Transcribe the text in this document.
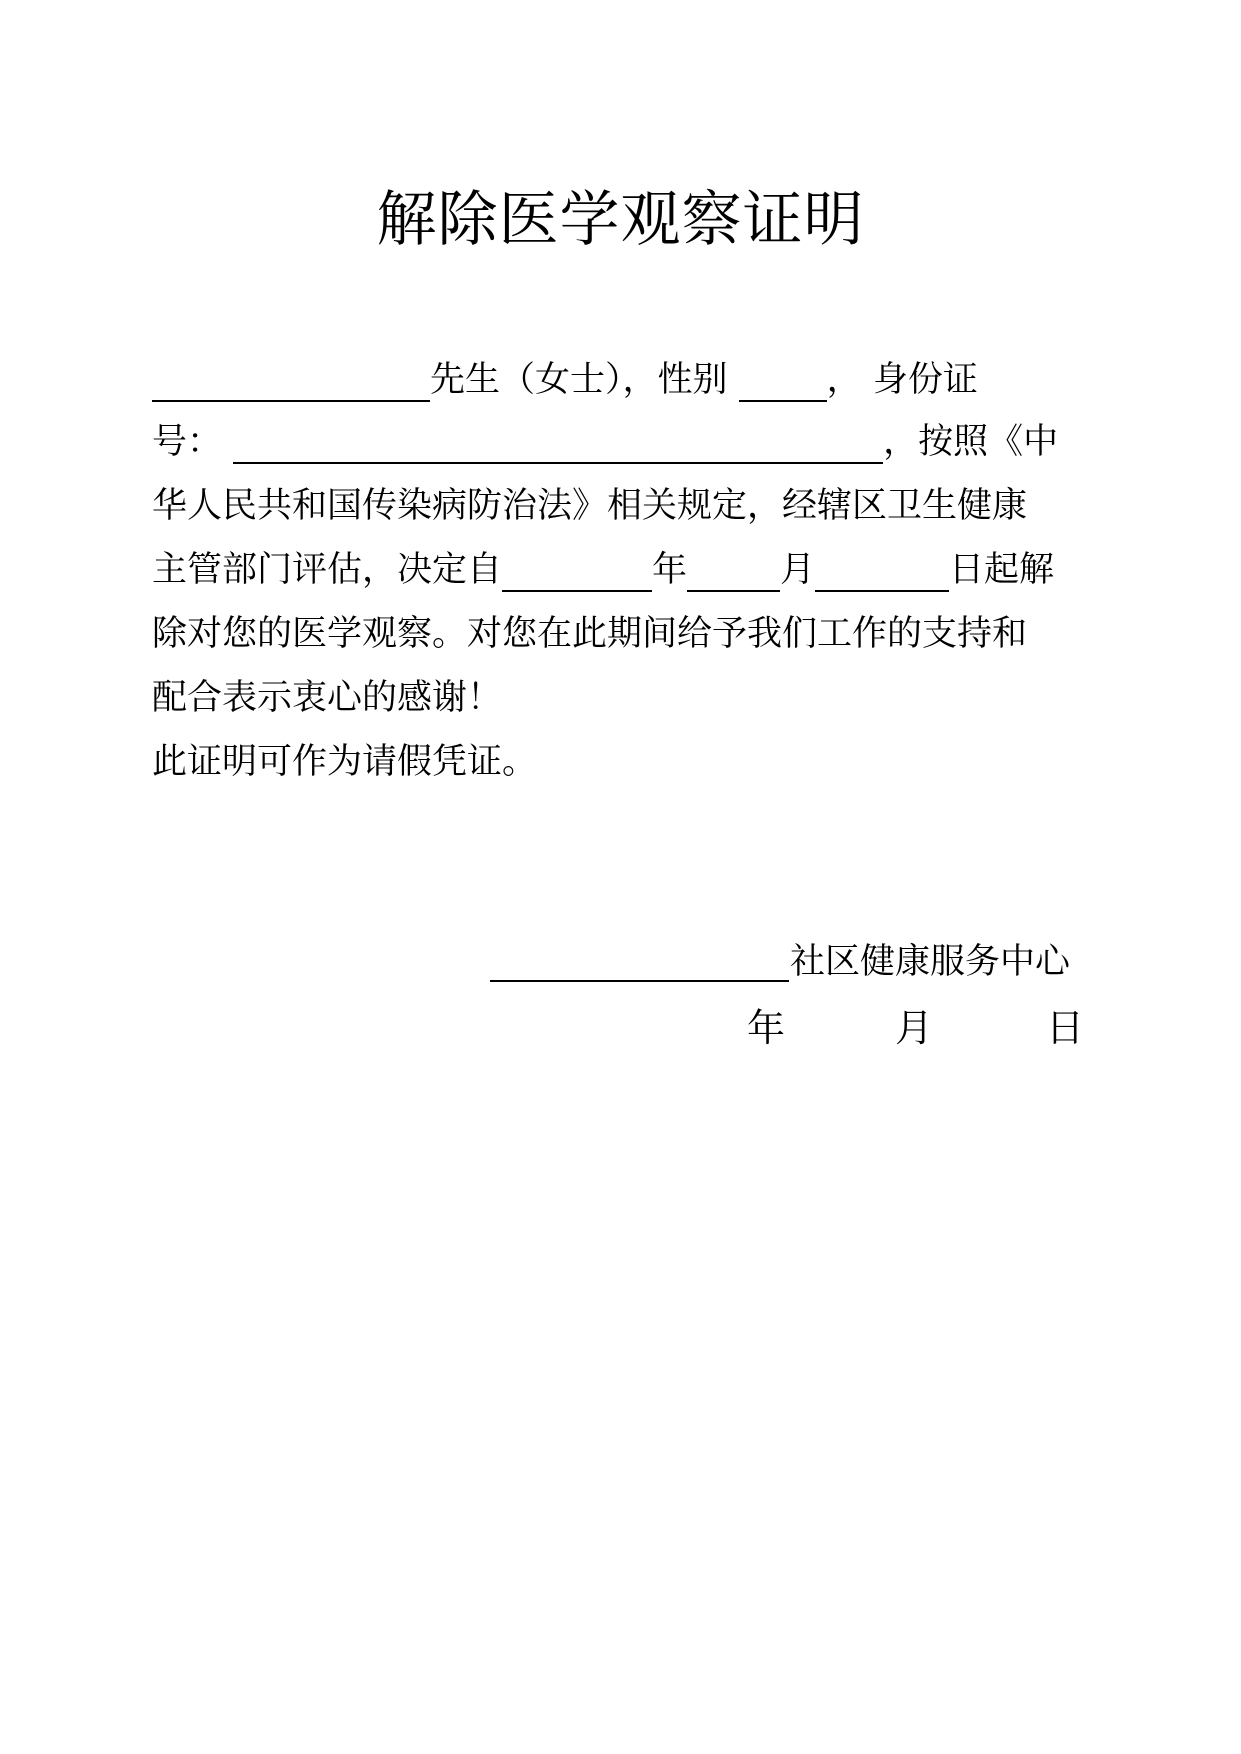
解除医学观察证明
先生（女士），性别	， 身份证
号：	，按照《中
华人民共和国传染病防治法》相关规定，经辖区卫生健康
主管部门评估，决定自	年	月	日起解
除对您的医学观察。对您在此期间给予我们工作的支持和
配合表示衷心的感谢！
此证明可作为请假凭证。
社区健康服务中心
年	月	日
